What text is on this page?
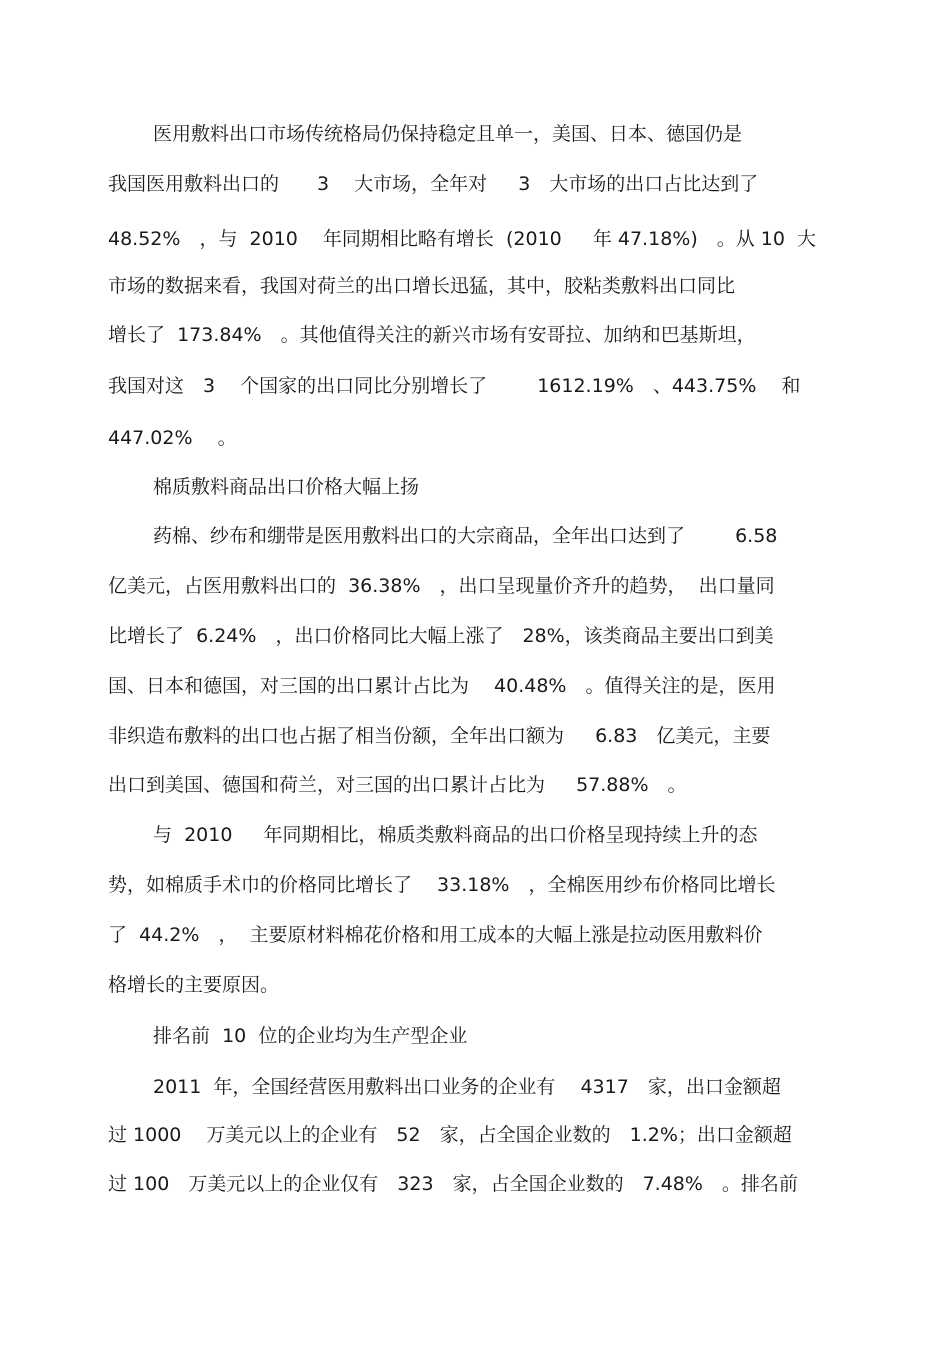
医用敷料出口市场传统格局仍保持稳定且单一，美国、日本、德国仍是
我国医用敷料出口的　　3　 大市场，全年对　  3　大市场的出口占比达到了
48.52%　，与  2010　 年同期相比略有增长  (2010　  年 47.18%)　。从 10  大
市场的数据来看，我国对荷兰的出口增长迅猛，其中，胶粘类敷料出口同比
增长了  173.84%　。其他值得关注的新兴市场有安哥拉、加纳和巴基斯坦，
我国对这　3　 个国家的出口同比分别增长了　　  1612.19%　、443.75%　 和
447.02%　 。
棉质敷料商品出口价格大幅上扬
药棉、纱布和绷带是医用敷料出口的大宗商品，全年出口达到了　　  6.58
亿美元，占医用敷料出口的  36.38%　，出口呈现量价齐升的趋势，  出口量同
比增长了  6.24%　，出口价格同比大幅上涨了　28%，该类商品主要出口到美
国、日本和德国，对三国的出口累计占比为　 40.48%　。值得关注的是，医用
非织造布敷料的出口也占据了相当份额，全年出口额为　  6.83　亿美元，主要
出口到美国、德国和荷兰，对三国的出口累计占比为　  57.88%　。
与  2010　  年同期相比，棉质类敷料商品的出口价格呈现持续上升的态
势，如棉质手术巾的价格同比增长了　 33.18%　，全棉医用纱布价格同比增长
了  44.2%　，  主要原材料棉花价格和用工成本的大幅上涨是拉动医用敷料价
格增长的主要原因。
排名前  10  位的企业均为生产型企业
2011  年，全国经营医用敷料出口业务的企业有　 4317　家，出口金额超
过 1000　 万美元以上的企业有　52　家，占全国企业数的　1.2%；出口金额超
过 100　万美元以上的企业仅有　323　家，占全国企业数的　7.48%　。排名前
